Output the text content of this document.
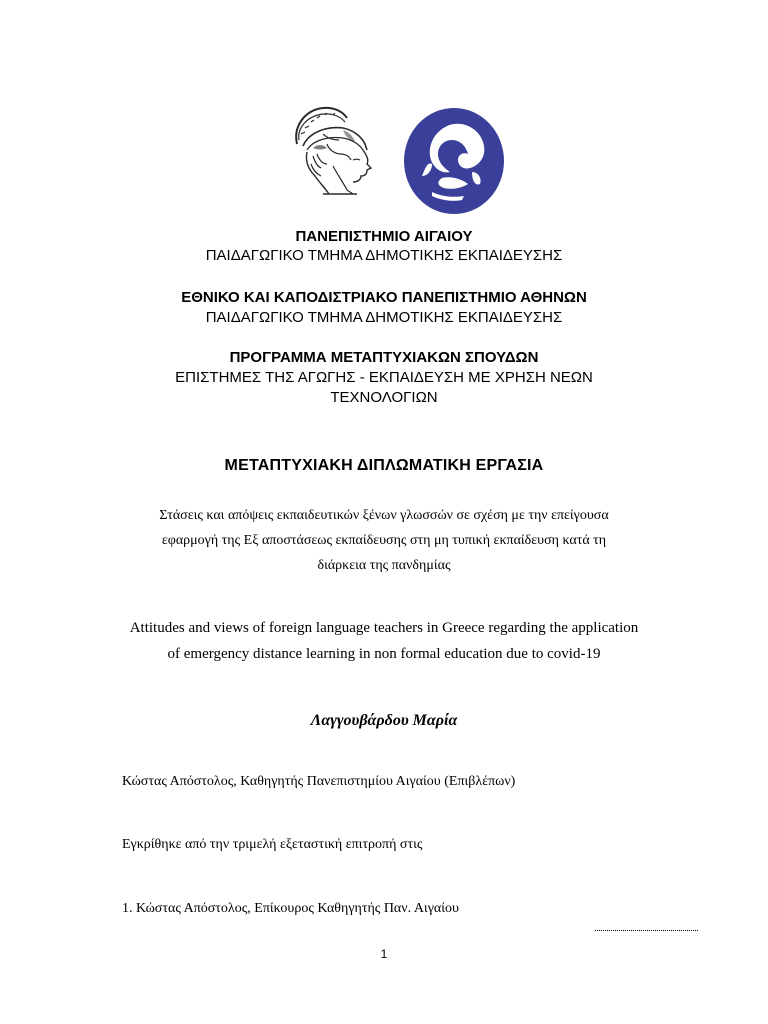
ΠΑΝΕΠΙΣΤΗΜΙΟ ΑΙΓΑΙΟΥ
ΠΑΙΔΑΓΩΓΙΚΟ ΤΜΗΜΑ ΔΗΜΟΤΙΚΗΣ ΕΚΠΑΙΔΕΥΣΗΣ
ΕΘΝΙΚΟ ΚΑΙ ΚΑΠΟΔΙΣΤΡΙΑΚΟ ΠΑΝΕΠΙΣΤΗΜΙΟ ΑΘΗΝΩΝ
ΠΑΙΔΑΓΩΓΙΚΟ ΤΜΗΜΑ ΔΗΜΟΤΙΚΗΣ ΕΚΠΑΙΔΕΥΣΗΣ
ΠΡΟΓΡΑΜΜΑ ΜΕΤΑΠΤΥΧΙΑΚΩΝ ΣΠΟΥΔΩΝ
ΕΠΙΣΤΗΜΕΣ ΤΗΣ ΑΓΩΓΗΣ - ΕΚΠΑΙΔΕΥΣΗ ΜΕ ΧΡΗΣΗ ΝΕΩΝ
ΤΕΧΝΟΛΟΓΙΩΝ
ΜΕΤΑΠΤΥΧΙΑΚΗ ΔΙΠΛΩΜΑΤΙΚΗ ΕΡΓΑΣΙΑ
Στάσεις και απόψεις εκπαιδευτικών ξένων γλωσσών σε σχέση με την επείγουσα
εφαρμογή της Εξ αποστάσεως εκπαίδευσης στη μη τυπική εκπαίδευση κατά τη
διάρκεια της πανδημίας
Attitudes and views of foreign language teachers in Greece regarding the application
of emergency distance learning in non formal education due to covid-19
Λαγγουβάρδου Μαρία
Κώστας Απόστολος, Καθηγητής Πανεπιστημίου Αιγαίου (Επιβλέπων)
Εγκρίθηκε από την τριμελή εξεταστική επιτροπή στις
1. Κώστας Απόστολος, Επίκουρος Καθηγητής Παν. Αιγαίου
1
